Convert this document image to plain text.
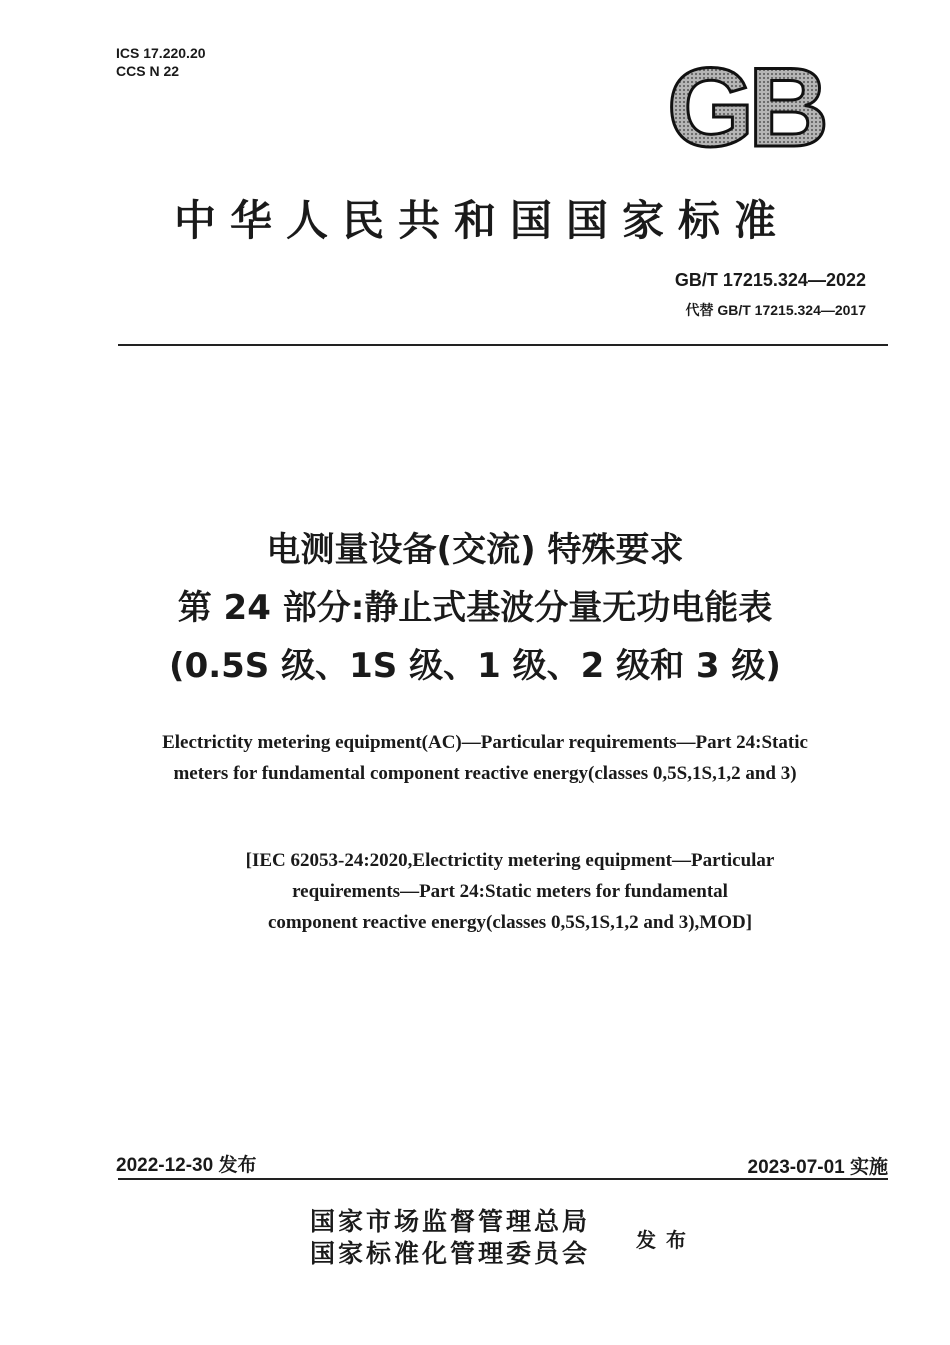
ICS 17.220.20
CCS N 22	GB
中华人民共和国国家标准
GB/T 17215.324—2022
代替 GB/T 17215.324—2017
电测量设备(交流) 特殊要求
第 24 部分:静止式基波分量无功电能表
(0.5S 级、1S 级、1 级、2 级和 3 级)
Electrictity metering equipment(AC)—Particular requirements—Part 24:Static
meters for fundamental component reactive energy(classes 0,5S,1S,1,2 and 3)
[IEC 62053-24:2020,Electrictity metering equipment—Particular
requirements—Part 24:Static meters for fundamental
component reactive energy(classes 0,5S,1S,1,2 and 3),MOD]
2022-12-30 发布	2023-07-01 实施
国家市场监督管理总局
国家标准化管理委员会 发布
